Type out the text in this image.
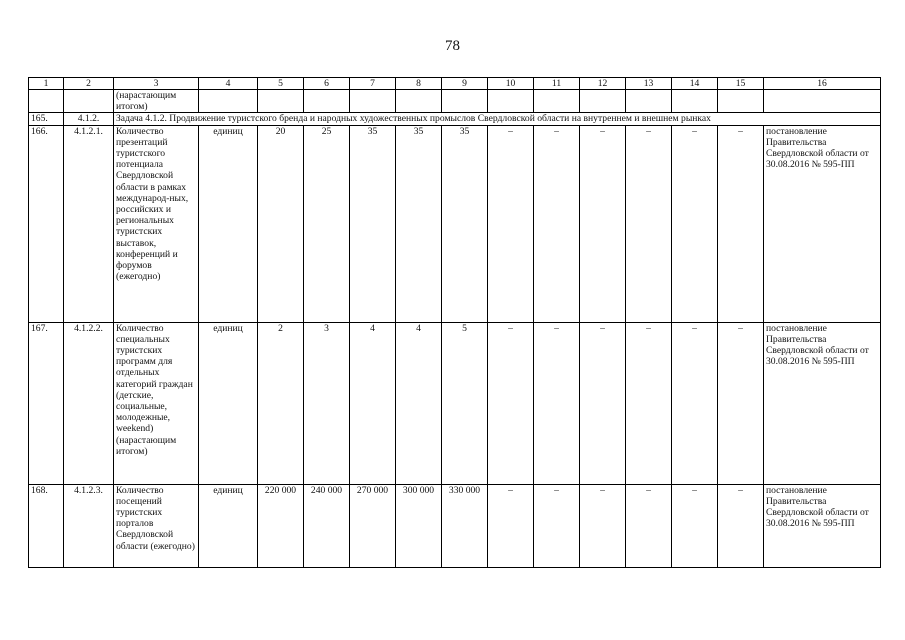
78
1	2	3	4	5	6	7	8	9	10	11	12	13	14	15	16
		(нарастающим итогом)													
165.	4.1.2.	Задача 4.1.2. Продвижение туристского бренда и народных художественных промыслов Свердловской области на внутреннем и внешнем рынках													
166.	4.1.2.1.	Количество презентаций туристского потенциала Свердловской области в рамках международ-ных, российских и региональных туристских выставок, конференций и форумов (ежегодно)	единиц	20	25	35	35	35	–	–	–	–	–	–	постановление Правительства Свердловской области от 30.08.2016 № 595-ПП
167.	4.1.2.2.	Количество специальных туристских программ для отдельных категорий граждан (детские, социальные, молодежные, weekend) (нарастающим итогом)	единиц	2	3	4	4	5	–	–	–	–	–	–	постановление Правительства Свердловской области от 30.08.2016 № 595-ПП
168.	4.1.2.3.	Количество посещений туристских порталов Свердловской области (ежегодно)	единиц	220 000	240 000	270 000	300 000	330 000	–	–	–	–	–	–	постановление Правительства Свердловской области от 30.08.2016 № 595-ПП
